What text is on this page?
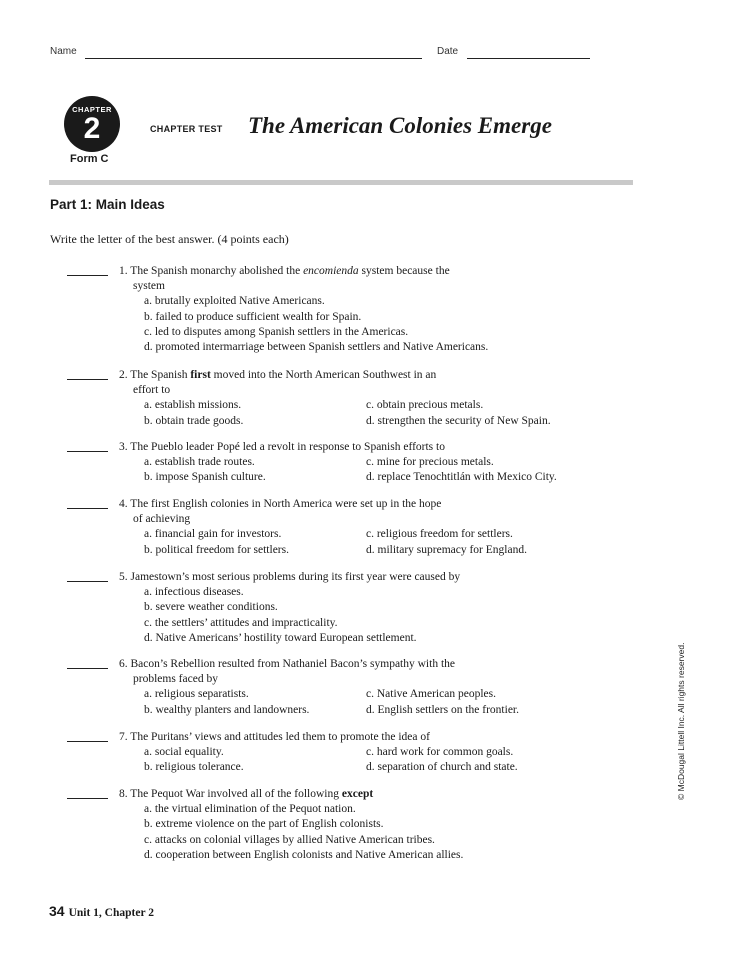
Name	Date
CHAPTER
2
Form C
CHAPTER TEST The American Colonies Emerge
Part 1: Main Ideas
Write the letter of the best answer. (4 points each)
1. The Spanish monarchy abolished the encomienda system because the
system
a. brutally exploited Native Americans.
b. failed to produce sufficient wealth for Spain.
c. led to disputes among Spanish settlers in the Americas.
d. promoted intermarriage between Spanish settlers and Native Americans.
2. The Spanish first moved into the North American Southwest in an
effort to
a. establish missions.	c. obtain precious metals.
b. obtain trade goods.	d. strengthen the security of New Spain.
3. The Pueblo leader Popé led a revolt in response to Spanish efforts to
a. establish trade routes.	c. mine for precious metals.
b. impose Spanish culture.	d. replace Tenochtitlán with Mexico City.
4. The first English colonies in North America were set up in the hope
of achieving
a. financial gain for investors.	c. religious freedom for settlers.
b. political freedom for settlers.	d. military supremacy for England.
5. Jamestown’s most serious problems during its first year were caused by
a. infectious diseases.
b. severe weather conditions.
c. the settlers’ attitudes and impracticality.
d. Native Americans’ hostility toward European settlement.
6. Bacon’s Rebellion resulted from Nathaniel Bacon’s sympathy with the
problems faced by
a. religious separatists.	c. Native American peoples.
b. wealthy planters and landowners.	d. English settlers on the frontier.
7. The Puritans’ views and attitudes led them to promote the idea of
a. social equality.	c. hard work for common goals.
b. religious tolerance.	d. separation of church and state.
8. The Pequot War involved all of the following except
a. the virtual elimination of the Pequot nation.
b. extreme violence on the part of English colonists.
c. attacks on colonial villages by allied Native American tribes.
d. cooperation between English colonists and Native American allies.
© McDougal Littell Inc. All rights reserved.
34 Unit 1, Chapter 2
